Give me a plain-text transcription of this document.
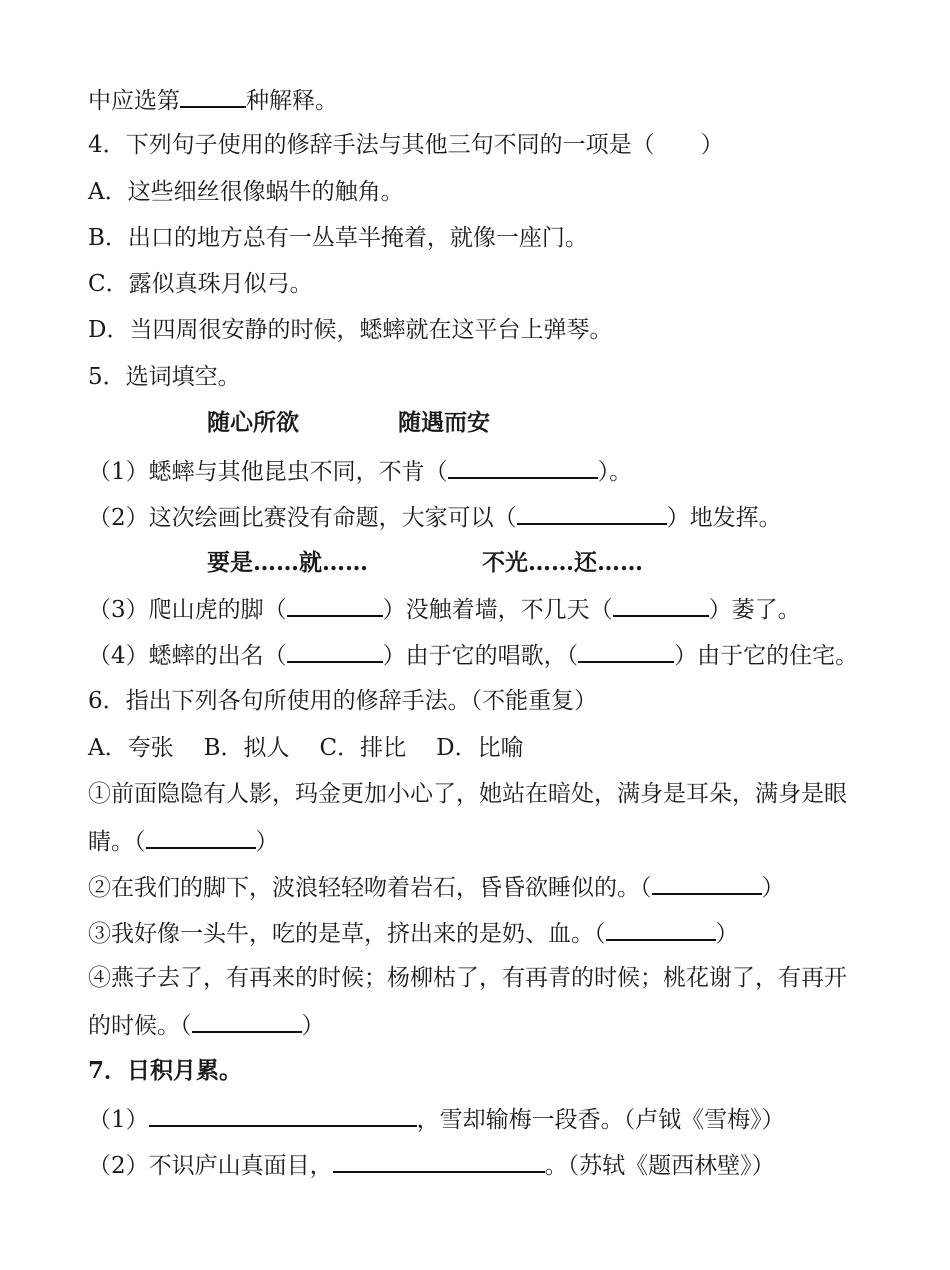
中应选第	种解释。
4．下列句子使用的修辞手法与其他三句不同的一项是（　　）
A．这些细丝很像蜗牛的触角。
B．出口的地方总有一丛草半掩着，就像一座门。
C．露似真珠月似弓。
D．当四周很安静的时候，蟋蟀就在这平台上弹琴。
5．选词填空。
随心所欲	随遇而安
（1）蟋蟀与其他昆虫不同，不肯（	）。
（2）这次绘画比赛没有命题，大家可以（	）地发挥。
要是……就……	不光……还……
（3）爬山虎的脚（	）没触着墙，不几天（	）萎了。
（4）蟋蟀的出名（	）由于它的唱歌，（	）由于它的住宅。
6．指出下列各句所使用的修辞手法。（不能重复）
A．夸张 B．拟人 C．排比 D．比喻
①前面隐隐有人影，玛金更加小心了，她站在暗处，满身是耳朵，满身是眼
睛。（	）
②在我们的脚下，波浪轻轻吻着岩石，昏昏欲睡似的。（	）
③我好像一头牛，吃的是草，挤出来的是奶、血。（	）
④燕子去了，有再来的时候；杨柳枯了，有再青的时候；桃花谢了，有再开
的时候。（	）
7．日积月累。
（1）	，雪却输梅一段香。（卢钺《雪梅》）
（2）不识庐山真面目，	。（苏轼《题西林壁》）
